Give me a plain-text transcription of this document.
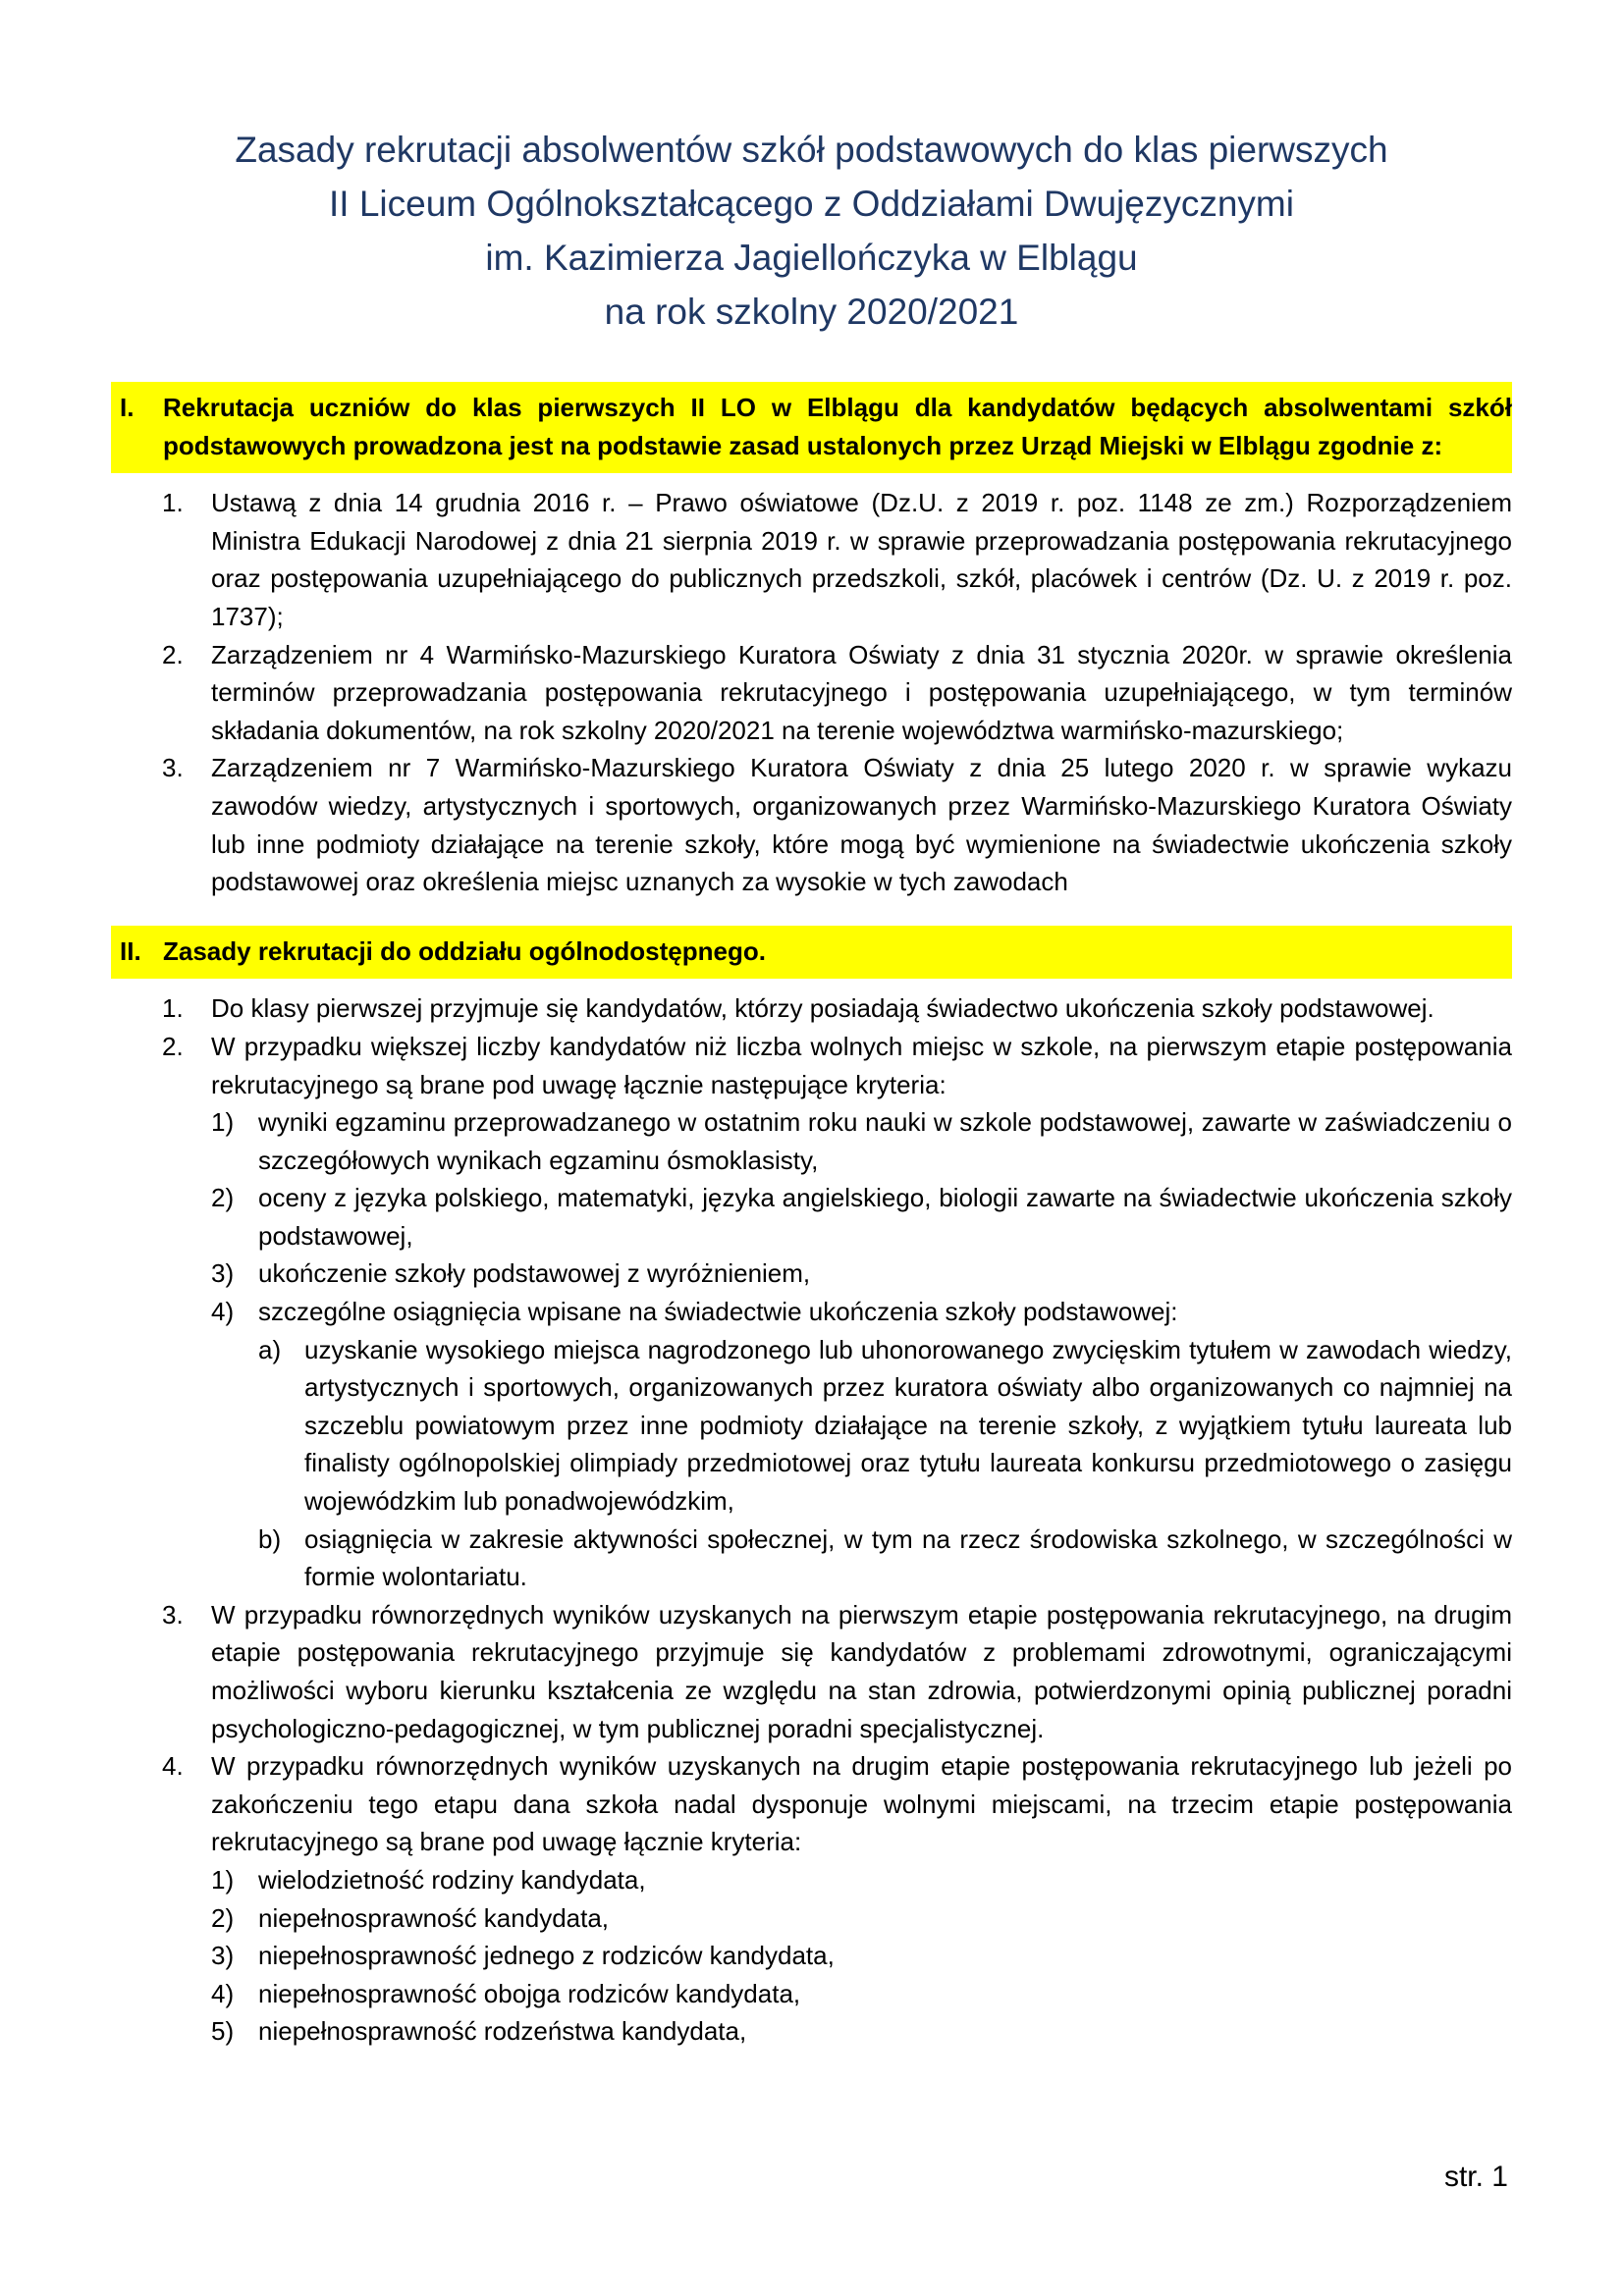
Zasady rekrutacji absolwentów szkół podstawowych do klas pierwszych
II Liceum Ogólnokształcącego z Oddziałami Dwujęzycznymi
im. Kazimierza Jagiellończyka w Elblągu
na rok szkolny 2020/2021
I.	Rekrutacja uczniów do klas pierwszych II LO w Elblągu dla kandydatów będących absolwentami szkół podstawowych prowadzona jest na podstawie zasad ustalonych przez Urząd Miejski w Elblągu zgodnie z:
1.	Ustawą z dnia 14 grudnia 2016 r. – Prawo oświatowe (Dz.U. z 2019 r. poz. 1148 ze zm.) Rozporządzeniem Ministra Edukacji Narodowej z dnia 21 sierpnia 2019 r. w sprawie przeprowadzania postępowania rekrutacyjnego oraz postępowania uzupełniającego do publicznych przedszkoli, szkół, placówek i centrów (Dz. U. z 2019 r. poz. 1737);
2.	Zarządzeniem nr 4 Warmińsko-Mazurskiego Kuratora Oświaty z dnia 31 stycznia 2020r. w sprawie określenia terminów przeprowadzania postępowania rekrutacyjnego i postępowania uzupełniającego, w tym terminów składania dokumentów, na rok szkolny 2020/2021 na terenie województwa warmińsko-mazurskiego;
3.	Zarządzeniem nr 7 Warmińsko-Mazurskiego Kuratora Oświaty z dnia 25 lutego 2020 r. w sprawie wykazu zawodów wiedzy, artystycznych i sportowych, organizowanych przez Warmińsko-Mazurskiego Kuratora Oświaty lub inne podmioty działające na terenie szkoły, które mogą być wymienione na świadectwie ukończenia szkoły podstawowej oraz określenia miejsc uznanych za wysokie w tych zawodach
II. Zasady rekrutacji do oddziału ogólnodostępnego.
1.	Do klasy pierwszej przyjmuje się kandydatów, którzy posiadają świadectwo ukończenia szkoły podstawowej.
2.	W przypadku większej liczby kandydatów niż liczba wolnych miejsc w szkole, na pierwszym etapie postępowania rekrutacyjnego są brane pod uwagę łącznie następujące kryteria:
1) wyniki egzaminu przeprowadzanego w ostatnim roku nauki w szkole podstawowej, zawarte w zaświadczeniu o szczegółowych wynikach egzaminu ósmoklasisty,
2) oceny z języka polskiego, matematyki, języka angielskiego, biologii zawarte na świadectwie ukończenia szkoły podstawowej,
3) ukończenie szkoły podstawowej z wyróżnieniem,
4) szczególne osiągnięcia wpisane na świadectwie ukończenia szkoły podstawowej:
a) uzyskanie wysokiego miejsca nagrodzonego lub uhonorowanego zwycięskim tytułem w zawodach wiedzy, artystycznych i sportowych, organizowanych przez kuratora oświaty albo organizowanych co najmniej na szczeblu powiatowym przez inne podmioty działające na terenie szkoły, z wyjątkiem tytułu laureata lub finalisty ogólnopolskiej olimpiady przedmiotowej oraz tytułu laureata konkursu przedmiotowego o zasięgu wojewódzkim lub ponadwojewódzkim,
b) osiągnięcia w zakresie aktywności społecznej, w tym na rzecz środowiska szkolnego, w szczególności w formie wolontariatu.
3.	W przypadku równorzędnych wyników uzyskanych na pierwszym etapie postępowania rekrutacyjnego, na drugim etapie postępowania rekrutacyjnego przyjmuje się kandydatów z problemami zdrowotnymi, ograniczającymi możliwości wyboru kierunku kształcenia ze względu na stan zdrowia, potwierdzonymi opinią publicznej poradni psychologiczno-pedagogicznej, w tym publicznej poradni specjalistycznej.
4.	W przypadku równorzędnych wyników uzyskanych na drugim etapie postępowania rekrutacyjnego lub jeżeli po zakończeniu tego etapu dana szkoła nadal dysponuje wolnymi miejscami, na trzecim etapie postępowania rekrutacyjnego są brane pod uwagę łącznie kryteria:
1) wielodzietność rodziny kandydata,
2) niepełnosprawność kandydata,
3) niepełnosprawność jednego z rodziców kandydata,
4) niepełnosprawność obojga rodziców kandydata,
5) niepełnosprawność rodzeństwa kandydata,
str. 1
